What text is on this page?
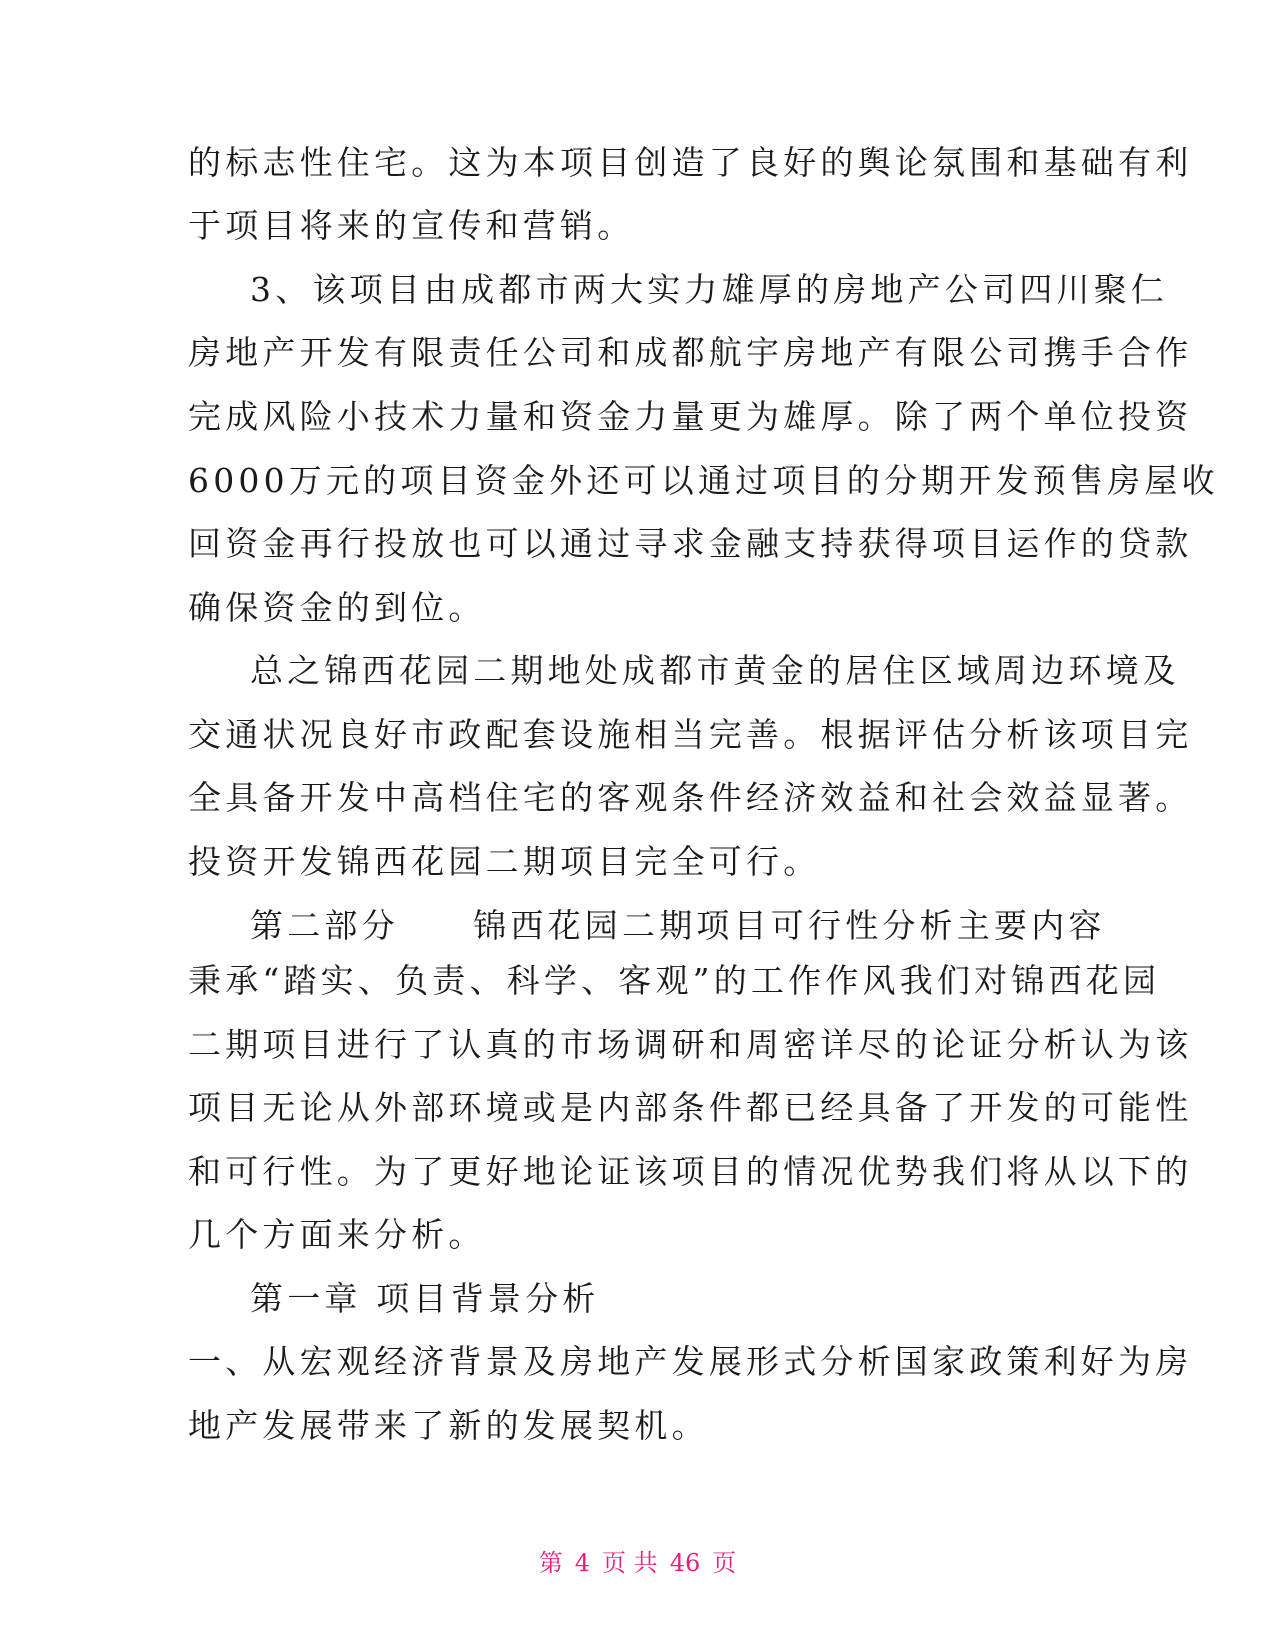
的标志性住宅。这为本项目创造了良好的舆论氛围和基础有利
于项目将来的宣传和营销。
3、该项目由成都市两大实力雄厚的房地产公司四川聚仁
房地产开发有限责任公司和成都航宇房地产有限公司携手合作
完成风险小技术力量和资金力量更为雄厚。除了两个单位投资
6000万元的项目资金外还可以通过项目的分期开发预售房屋收
回资金再行投放也可以通过寻求金融支持获得项目运作的贷款
确保资金的到位。
总之锦西花园二期地处成都市黄金的居住区域周边环境及
交通状况良好市政配套设施相当完善。根据评估分析该项目完
全具备开发中高档住宅的客观条件经济效益和社会效益显著。
投资开发锦西花园二期项目完全可行。
第二部分　　锦西花园二期项目可行性分析主要内容
秉承“踏实、负责、科学、客观”的工作作风我们对锦西花园
二期项目进行了认真的市场调研和周密详尽的论证分析认为该
项目无论从外部环境或是内部条件都已经具备了开发的可能性
和可行性。为了更好地论证该项目的情况优势我们将从以下的
几个方面来分析。
第一章 项目背景分析
一、从宏观经济背景及房地产发展形式分析国家政策利好为房
地产发展带来了新的发展契机。
第 4 页 共 46 页
